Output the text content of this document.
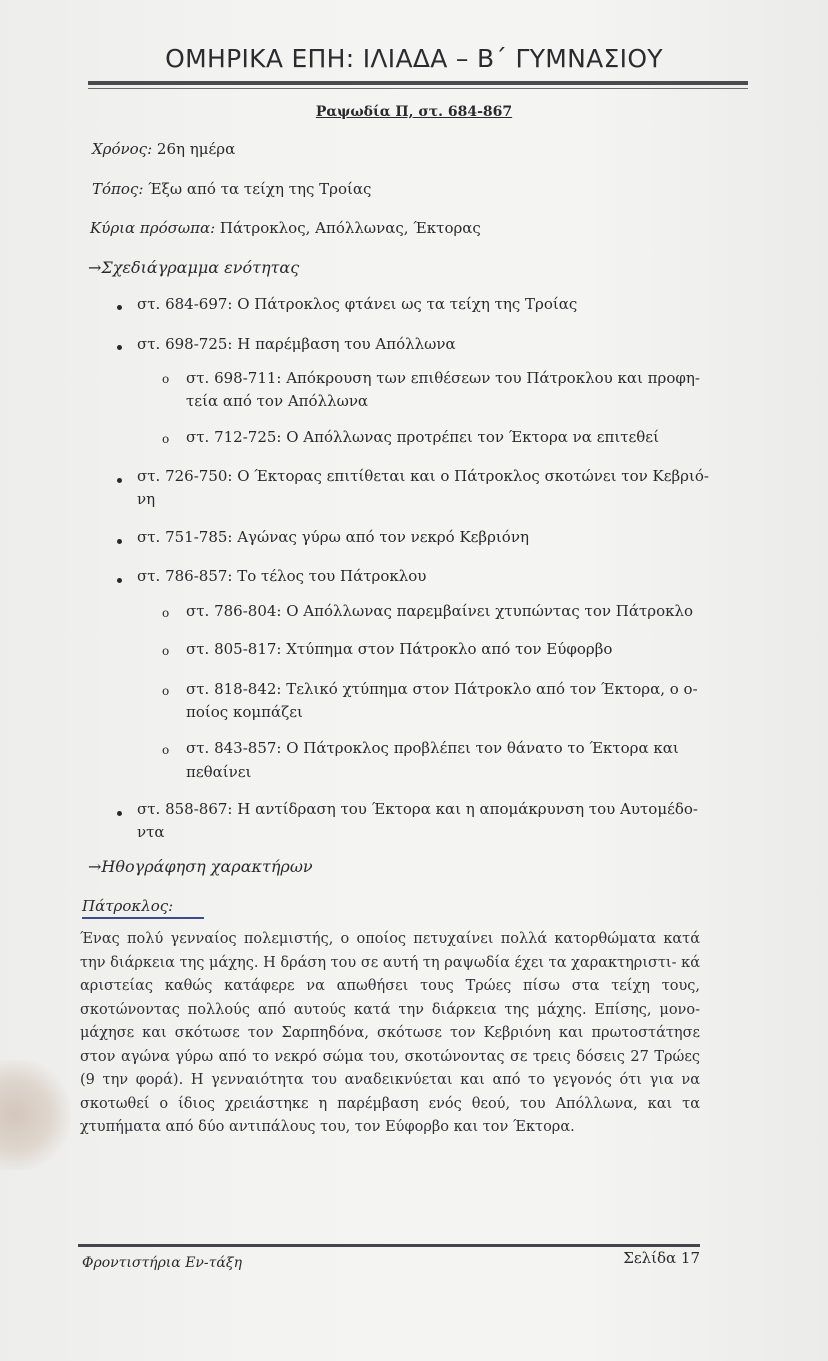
ΟΜΗΡΙΚΑ ΕΠΗ: ΙΛΙΑΔΑ – Β΄ ΓΥΜΝΑΣΙΟΥ
Ραψωδία Π, στ. 684-867
Χρόνος: 26η ημέρα
Τόπος: Έξω από τα τείχη της Τροίας
Κύρια πρόσωπα: Πάτροκλος, Απόλλωνας, Έκτορας
→Σχεδιάγραμμα ενότητας
στ. 684-697: Ο Πάτροκλος φτάνει ως τα τείχη της Τροίας
στ. 698-725: Η παρέμβαση του Απόλλωνα
o στ. 698-711: Απόκρουση των επιθέσεων του Πάτροκλου και προφη-
τεία από τον Απόλλωνα
o στ. 712-725: Ο Απόλλωνας προτρέπει τον Έκτορα να επιτεθεί
στ. 726-750: Ο Έκτορας επιτίθεται και ο Πάτροκλος σκοτώνει τον Κεβριό-
νη
στ. 751-785: Αγώνας γύρω από τον νεκρό Κεβριόνη
στ. 786-857: Το τέλος του Πάτροκλου
o στ. 786-804: Ο Απόλλωνας παρεμβαίνει χτυπώντας τον Πάτροκλο
o στ. 805-817: Χτύπημα στον Πάτροκλο από τον Εύφορβο
o στ. 818-842: Τελικό χτύπημα στον Πάτροκλο από τον Έκτορα, ο ο-
ποίος κομπάζει
o στ. 843-857: Ο Πάτροκλος προβλέπει τον θάνατο το Έκτορα και
πεθαίνει
στ. 858-867: Η αντίδραση του Έκτορα και η απομάκρυνση του Αυτομέδο-
ντα
→Ηθογράφηση χαρακτήρων
Πάτροκλος:
Ένας πολύ γενναίος πολεμιστής, ο οποίος πετυχαίνει πολλά κατορθώματα κατά την διάρκεια της μάχης. Η δράση του σε αυτή τη ραψωδία έχει τα χαρακτηριστι- κά αριστείας καθώς κατάφερε να απωθήσει τους Τρώες πίσω στα τείχη τους, σκοτώνοντας πολλούς από αυτούς κατά την διάρκεια της μάχης. Επίσης, μονο- μάχησε και σκότωσε τον Σαρπηδόνα, σκότωσε τον Κεβριόνη και πρωτοστάτησε στον αγώνα γύρω από το νεκρό σώμα του, σκοτώνοντας σε τρεις δόσεις 27 Τρώες (9 την φορά). Η γενναιότητα του αναδεικνύεται και από το γεγονός ότι για να σκοτωθεί ο ίδιος χρειάστηκε η παρέμβαση ενός θεού, του Απόλλωνα, και τα χτυπήματα από δύο αντιπάλους του, τον Εύφορβο και τον Έκτορα.
Φροντιστήρια Εν-τάξη	Σελίδα 17
